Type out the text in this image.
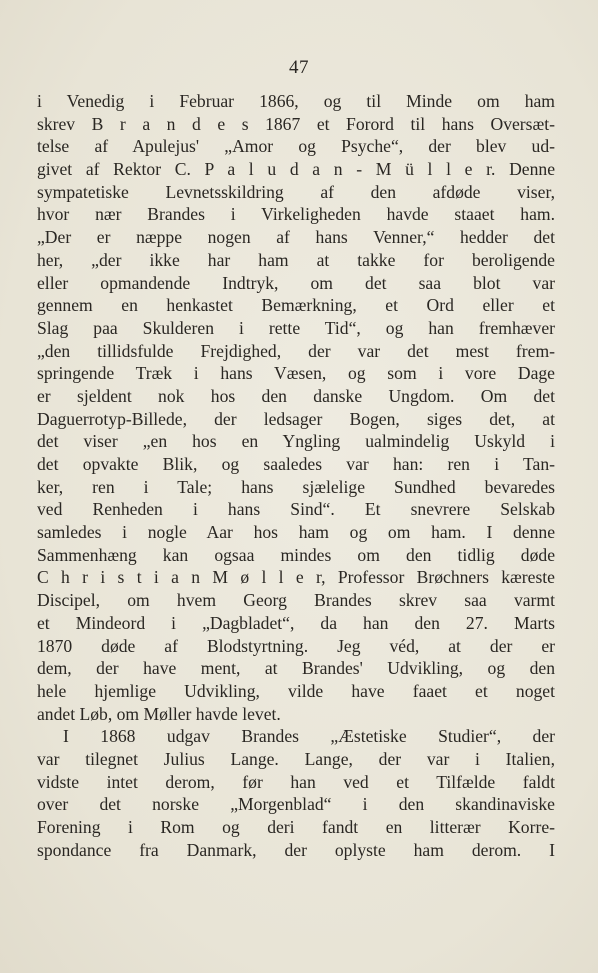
47
i Venedig i Februar 1866, og til Minde om ham
skrev B r a n d e s 1867 et Forord til hans Oversæt-
telse af Apulejus' „Amor og Psyche“, der blev ud-
givet af Rektor C. P a l u d a n - M ü l l e r. Denne
sympatetiske Levnetsskildring af den afdøde viser,
hvor nær Brandes i Virkeligheden havde staaet ham.
„Der er næppe nogen af hans Venner,“ hedder det
her, „der ikke har ham at takke for beroligende
eller opmandende Indtryk, om det saa blot var
gennem en henkastet Bemærkning, et Ord eller et
Slag paa Skulderen i rette Tid“, og han fremhæver
„den tillidsfulde Frejdighed, der var det mest frem-
springende Træk i hans Væsen, og som i vore Dage
er sjeldent nok hos den danske Ungdom. Om det
Daguerrotyp-Billede, der ledsager Bogen, siges det, at
det viser „en hos en Yngling ualmindelig Uskyld i
det opvakte Blik, og saaledes var han: ren i Tan-
ker, ren i Tale; hans sjælelige Sundhed bevaredes
ved Renheden i hans Sind“. Et snevrere Selskab
samledes i nogle Aar hos ham og om ham. I denne
Sammenhæng kan ogsaa mindes om den tidlig døde
C h r i s t i a n M ø l l e r, Professor Brøchners kæreste
Discipel, om hvem Georg Brandes skrev saa varmt
et Mindeord i „Dagbladet“, da han den 27. Marts
1870 døde af Blodstyrtning. Jeg véd, at der er
dem, der have ment, at Brandes' Udvikling, og den
hele hjemlige Udvikling, vilde have faaet et noget
andet Løb, om Møller havde levet.
I 1868 udgav Brandes „Æstetiske Studier“, der
var tilegnet Julius Lange. Lange, der var i Italien,
vidste intet derom, før han ved et Tilfælde faldt
over det norske „Morgenblad“ i den skandinaviske
Forening i Rom og deri fandt en litterær Korre-
spondance fra Danmark, der oplyste ham derom. I
